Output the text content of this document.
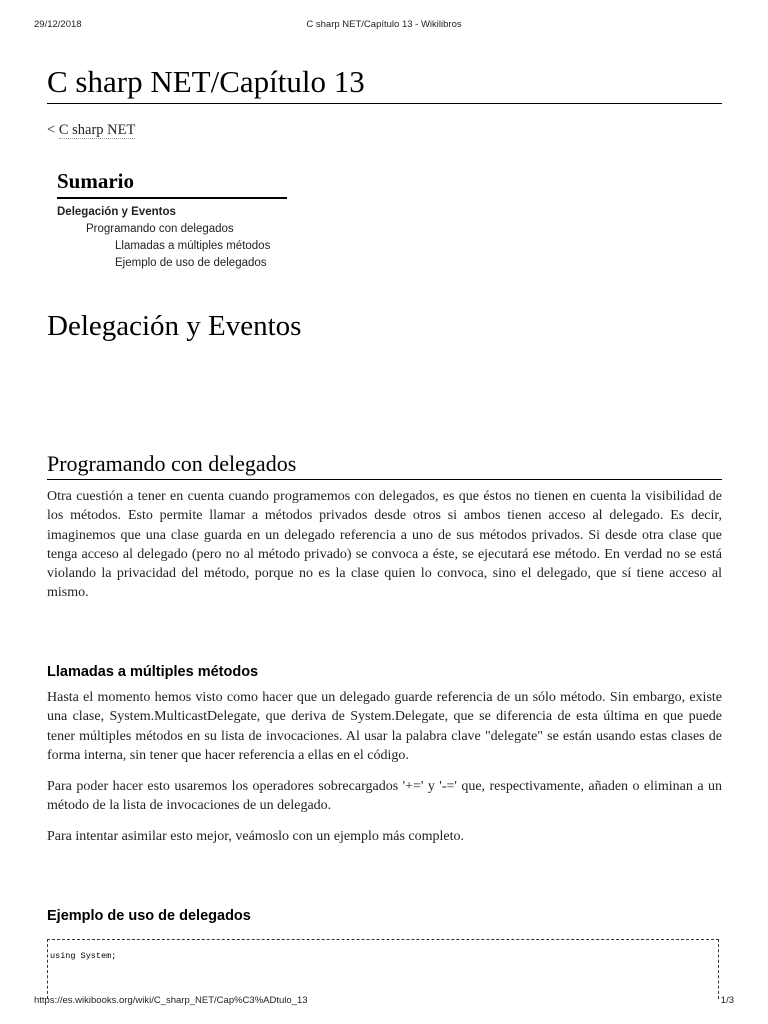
29/12/2018	C sharp NET/Capítulo 13 - Wikilibros
C sharp NET/Capítulo 13
< C sharp NET
Sumario
Delegación y Eventos
Programando con delegados
Llamadas a múltiples métodos
Ejemplo de uso de delegados
Delegación y Eventos
Programando con delegados

Otra cuestión a tener en cuenta cuando programemos con delegados, es que éstos no tienen en cuenta la visibilidad de los métodos. Esto permite llamar a métodos privados desde otros si ambos tienen acceso al delegado. Es decir, imaginemos que una clase guarda en un delegado referencia a uno de sus métodos privados. Si desde otra clase que tenga acceso al delegado (pero no al método privado) se convoca a éste, se ejecutará ese método. En verdad no se está violando la privacidad del método, porque no es la clase quien lo convoca, sino el delegado, que sí tiene acceso al mismo.

Llamadas a múltiples métodos

Hasta el momento hemos visto como hacer que un delegado guarde referencia de un sólo método. Sin embargo, existe una clase, System.MulticastDelegate, que deriva de System.Delegate, que se diferencia de esta última en que puede tener múltiples métodos en su lista de invocaciones. Al usar la palabra clave "delegate" se están usando estas clases de forma interna, sin tener que hacer referencia a ellas en el código.

Para poder hacer esto usaremos los operadores sobrecargados '+=' y '-=' que, respectivamente, añaden o eliminan a un método de la lista de invocaciones de un delegado.

Para intentar asimilar esto mejor, veámoslo con un ejemplo más completo.

Ejemplo de uso de delegados
using System;
https://es.wikibooks.org/wiki/C_sharp_NET/Cap%C3%ADtulo_13	1/3
